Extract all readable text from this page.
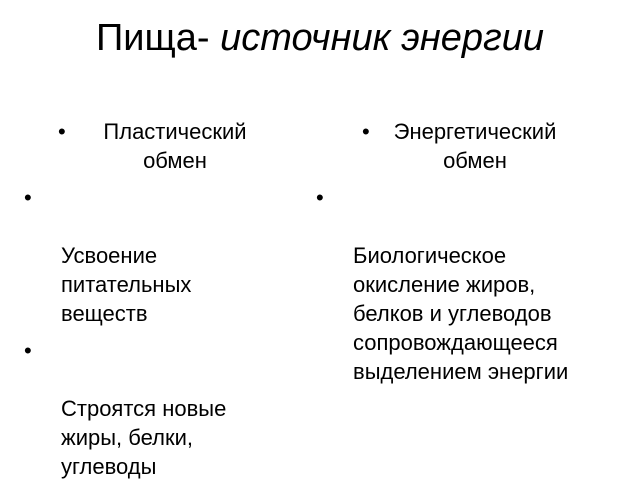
Пища- источник энергии
•	Пластический
обмен

•

Усвоение
питательных
веществ

•

Строятся новые
жиры, белки,
углеводы

•	Энергетический
обмен

•

Биологическое
окисление жиров,
белков и углеводов
сопровождающееся
выделением энергии
